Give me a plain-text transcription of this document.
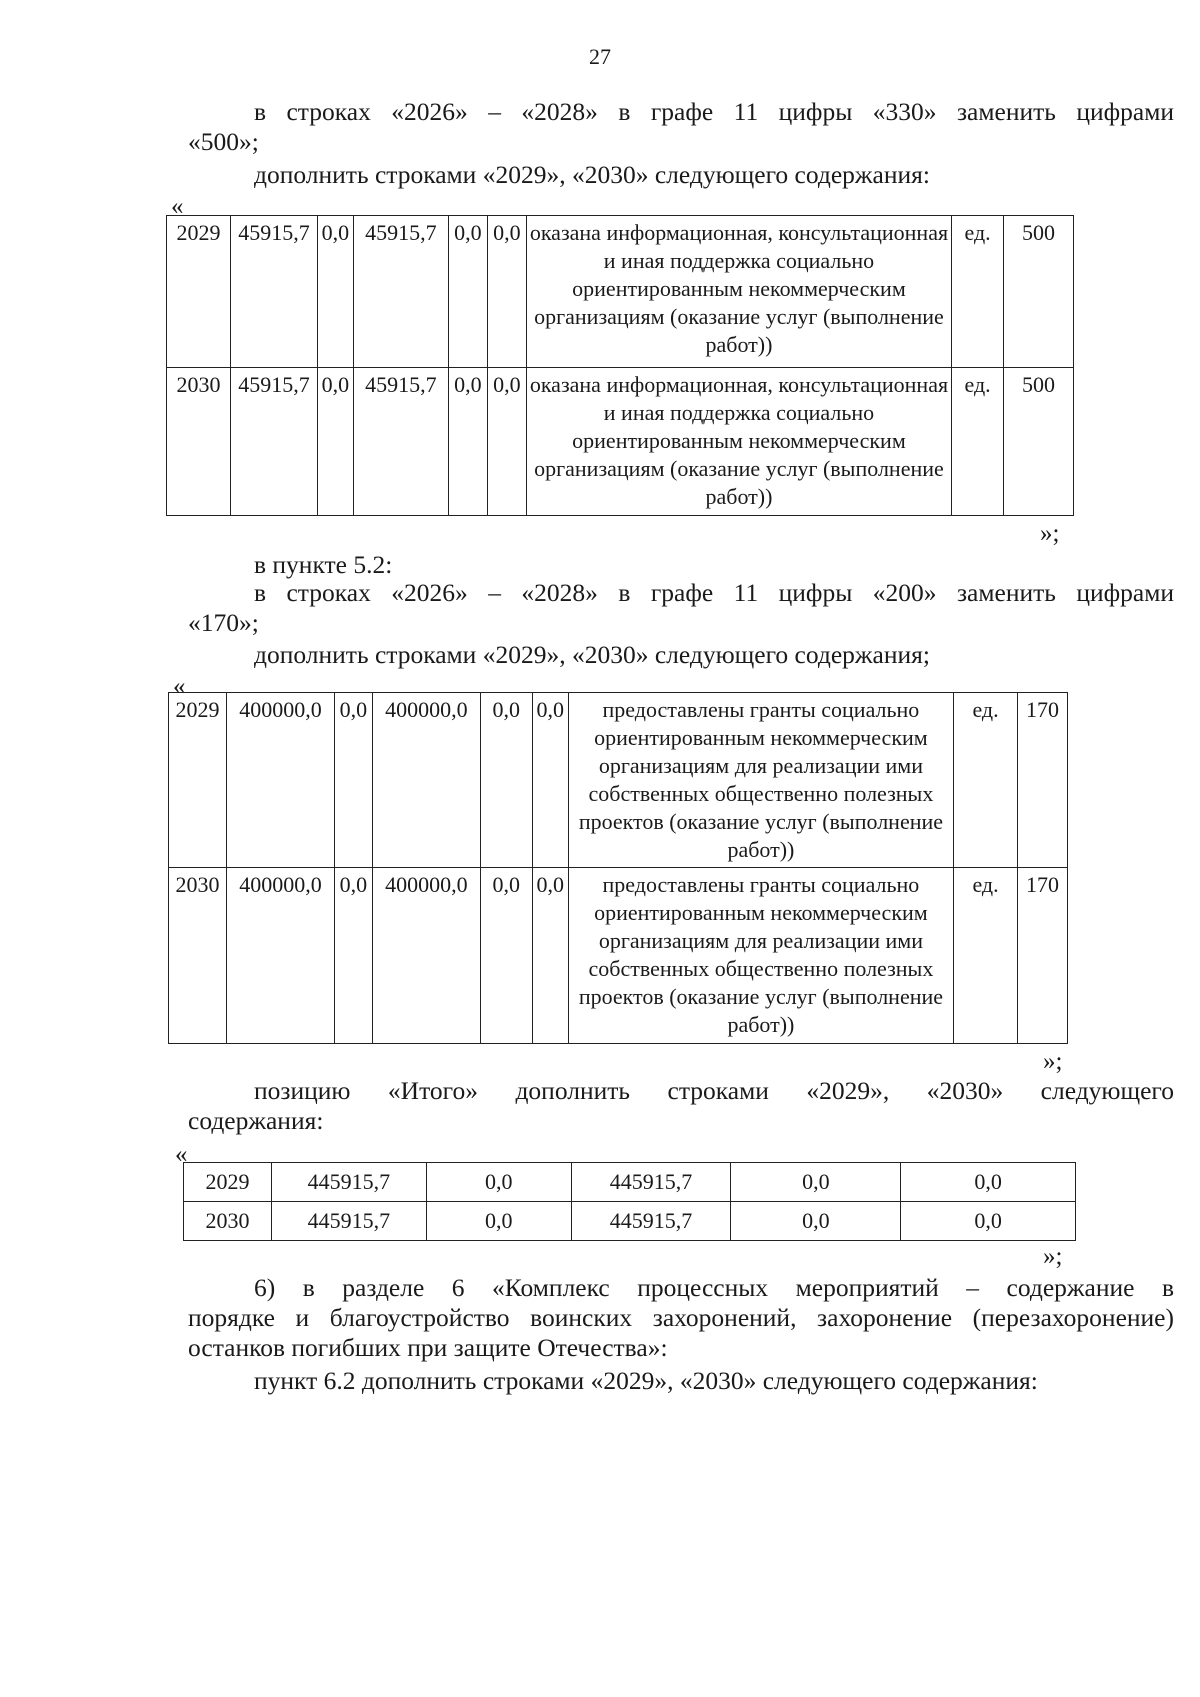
27
в строках «2026» – «2028» в графе 11 цифры «330» заменить цифрами
«500»;
дополнить строками «2029», «2030» следующего содержания:
«
2029	45915,7	0,0	45915,7	0,0	0,0	оказана информационная, консультационная и иная поддержка социально ориентированным некоммерческим организациям (оказание услуг (выполнение работ))	ед.	500
2030	45915,7	0,0	45915,7	0,0	0,0	оказана информационная, консультационная и иная поддержка социально ориентированным некоммерческим организациям (оказание услуг (выполнение работ))	ед.	500
»;
в пункте 5.2:
в строках «2026» – «2028» в графе 11 цифры «200» заменить цифрами
«170»;
дополнить строками «2029», «2030» следующего содержания;
«
2029	400000,0	0,0	400000,0	0,0	0,0	предоставлены гранты социально ориентированным некоммерческим организациям для реализации ими собственных общественно полезных проектов (оказание услуг (выполнение работ))	ед.	170
2030	400000,0	0,0	400000,0	0,0	0,0	предоставлены гранты социально ориентированным некоммерческим организациям для реализации ими собственных общественно полезных проектов (оказание услуг (выполнение работ))	ед.	170
»;
позицию «Итого» дополнить строками «2029», «2030» следующего
содержания:
«
2029	445915,7	0,0	445915,7	0,0	0,0
2030	445915,7	0,0	445915,7	0,0	0,0
»;
6) в разделе 6 «Комплекс процессных мероприятий – содержание в
порядке и благоустройство воинских захоронений, захоронение (перезахоронение) останков погибших при защите Отечества»:
пункт 6.2 дополнить строками «2029», «2030» следующего содержания:
